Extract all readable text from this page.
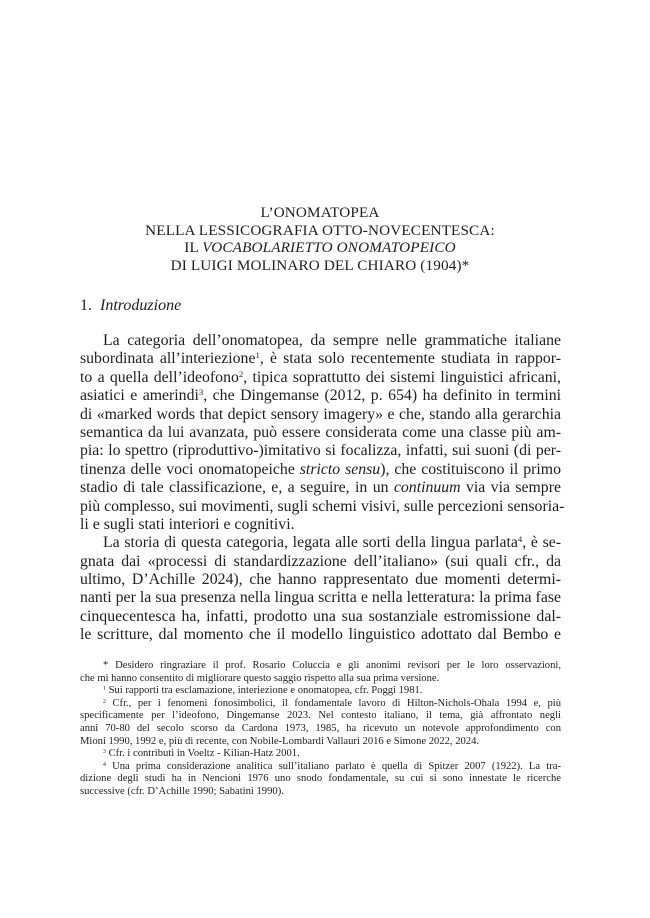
L’ONOMATOPEA
NELLA LESSICOGRAFIA OTTO-NOVECENTESCA:
IL VOCABOLARIETTO ONOMATOPEICO
DI LUIGI MOLINARO DEL CHIARO (1904)*
1. Introduzione
La categoria dell’onomatopea, da sempre nelle grammatiche italiane
subordinata all’interiezione$^1$, è stata solo recentemente studiata in rappor-
to a quella dell’ideofono$^2$, tipica soprattutto dei sistemi linguistici africani,
asiatici e amerindi$^3$, che Dingemanse (2012, p. 654) ha definito in termini
di «marked words that depict sensory imagery» e che, stando alla gerarchia
semantica da lui avanzata, può essere considerata come una classe più am-
pia: lo spettro (riproduttivo-)imitativo si focalizza, infatti, sui suoni (di per-
tinenza delle voci onomatopeiche stricto sensu), che costituiscono il primo
stadio di tale classificazione, e, a seguire, in un continuum via via sempre
più complesso, sui movimenti, sugli schemi visivi, sulle percezioni sensoria-
li e sugli stati interiori e cognitivi.
La storia di questa categoria, legata alle sorti della lingua parlata$^4$, è se-
gnata dai «processi di standardizzazione dell’italiano» (sui quali cfr., da
ultimo, D’Achille 2024), che hanno rappresentato due momenti determi-
nanti per la sua presenza nella lingua scritta e nella letteratura: la prima fase
cinquecentesca ha, infatti, prodotto una sua sostanziale estromissione dal-
le scritture, dal momento che il modello linguistico adottato dal Bembo e
* Desidero ringraziare il prof. Rosario Coluccia e gli anonimi revisori per le loro osservazioni,
che mi hanno consentito di migliorare questo saggio rispetto alla sua prima versione.
$^1$ Sui rapporti tra esclamazione, interiezione e onomatopea, cfr. Poggi 1981.
$^2$ Cfr., per i fenomeni fonosimbolici, il fondamentale lavoro di Hilton-Nichols-Ohala 1994 e, più
specificamente per l’ideofono, Dingemanse 2023. Nel contesto italiano, il tema, già affrontato negli
anni 70-80 del secolo scorso da Cardona 1973, 1985, ha ricevuto un notevole approfondimento con
Mioni 1990, 1992 e, più di recente, con Nobile-Lombardi Vallauri 2016 e Simone 2022, 2024.
$^3$ Cfr. i contributi in Voeltz - Kilian-Hatz 2001.
$^4$ Una prima considerazione analitica sull’italiano parlato è quella di Spitzer 2007 (1922). La tra-
dizione degli studi ha in Nencioni 1976 uno snodo fondamentale, su cui si sono innestate le ricerche
successive (cfr. D’Achille 1990; Sabatini 1990).
